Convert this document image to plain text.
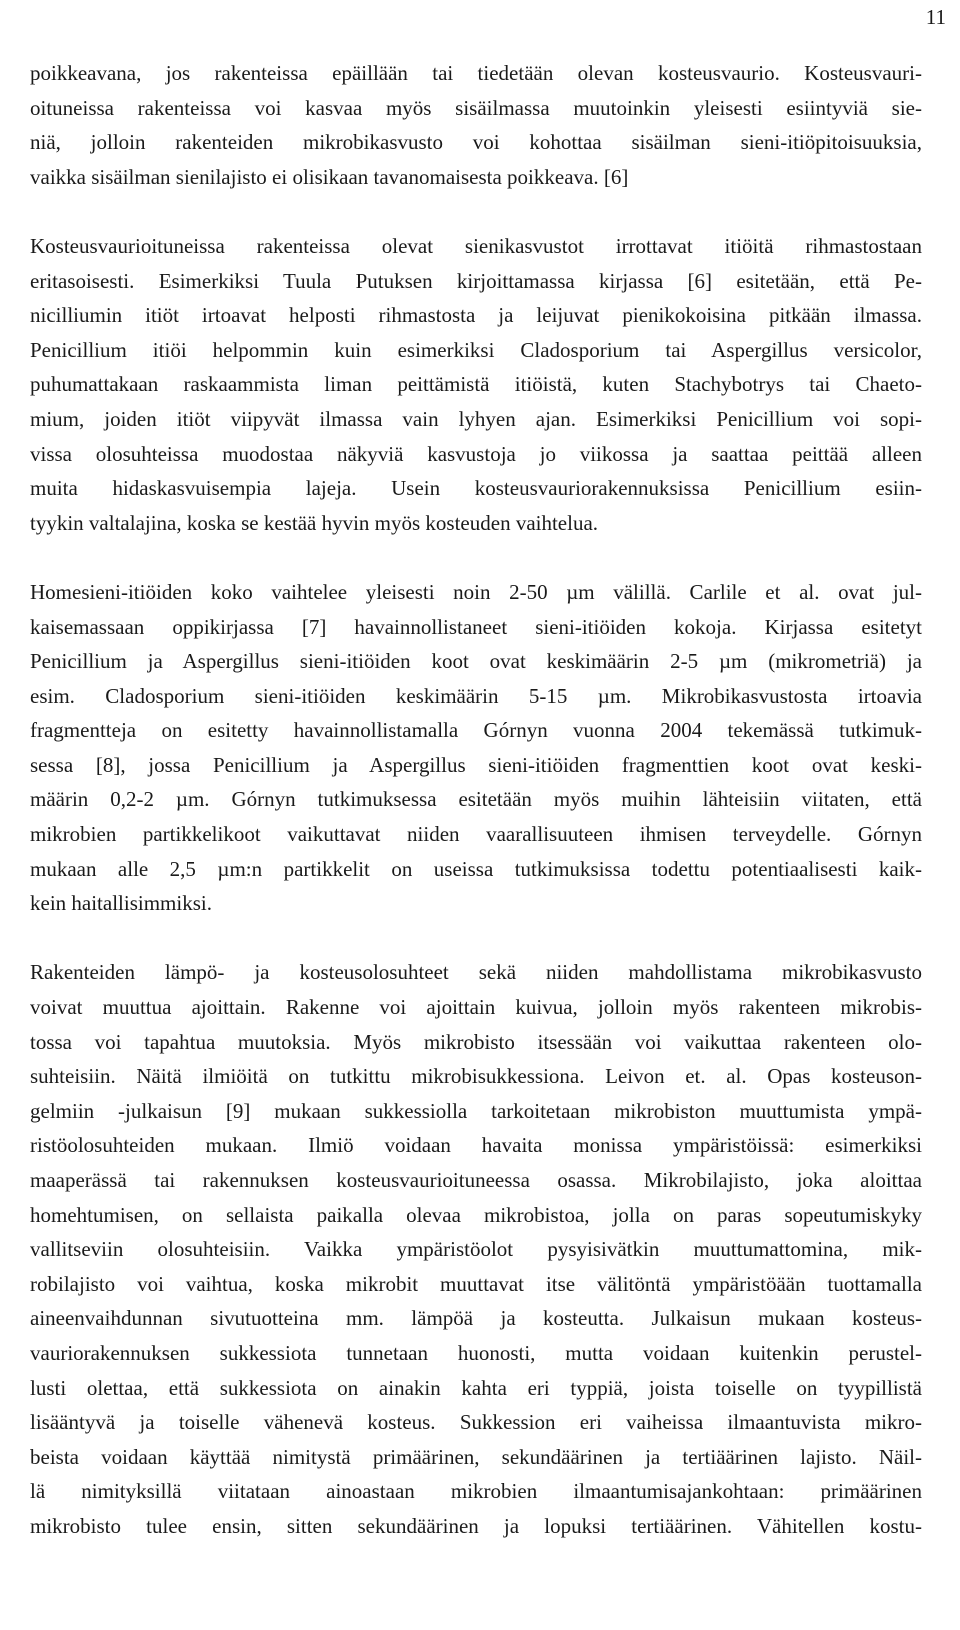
11
poikkeavana, jos rakenteissa epäillään tai tiedetään olevan kosteusvaurio. Kosteusvauri-
oituneissa rakenteissa voi kasvaa myös sisäilmassa muutoinkin yleisesti esiintyviä sie-
niä, jolloin rakenteiden mikrobikasvusto voi kohottaa sisäilman sieni-itiöpitoisuuksia,
vaikka sisäilman sienilajisto ei olisikaan tavanomaisesta poikkeava. [6]
Kosteusvaurioituneissa rakenteissa olevat sienikasvustot irrottavat itiöitä rihmastostaan
eritasoisesti. Esimerkiksi Tuula Putuksen kirjoittamassa kirjassa [6] esitetään, että Pe-
nicilliumin itiöt irtoavat helposti rihmastosta ja leijuvat pienikokoisina pitkään ilmassa.
Penicillium itiöi helpommin kuin esimerkiksi Cladosporium tai Aspergillus versicolor,
puhumattakaan raskaammista liman peittämistä itiöistä, kuten Stachybotrys tai Chaeto-
mium, joiden itiöt viipyvät ilmassa vain lyhyen ajan. Esimerkiksi Penicillium voi sopi-
vissa olosuhteissa muodostaa näkyviä kasvustoja jo viikossa ja saattaa peittää alleen
muita hidaskasvuisempia lajeja. Usein kosteusvauriorakennuksissa Penicillium esiin-
tyykin valtalajina, koska se kestää hyvin myös kosteuden vaihtelua.
Homesieni-itiöiden koko vaihtelee yleisesti noin 2-50 µm välillä. Carlile et al. ovat jul-
kaisemassaan oppikirjassa [7] havainnollistaneet sieni-itiöiden kokoja. Kirjassa esitetyt
Penicillium ja Aspergillus sieni-itiöiden koot ovat keskimäärin 2-5 µm (mikrometriä) ja
esim. Cladosporium sieni-itiöiden keskimäärin 5-15 µm. Mikrobikasvustosta irtoavia
fragmentteja on esitetty havainnollistamalla Górnyn vuonna 2004 tekemässä tutkimuk-
sessa [8], jossa Penicillium ja Aspergillus sieni-itiöiden fragmenttien koot ovat keski-
määrin 0,2-2 µm. Górnyn tutkimuksessa esitetään myös muihin lähteisiin viitaten, että
mikrobien partikkelikoot vaikuttavat niiden vaarallisuuteen ihmisen terveydelle. Górnyn
mukaan alle 2,5 µm:n partikkelit on useissa tutkimuksissa todettu potentiaalisesti kaik-
kein haitallisimmiksi.
Rakenteiden lämpö- ja kosteusolosuhteet sekä niiden mahdollistama mikrobikasvusto
voivat muuttua ajoittain. Rakenne voi ajoittain kuivua, jolloin myös rakenteen mikrobis-
tossa voi tapahtua muutoksia. Myös mikrobisto itsessään voi vaikuttaa rakenteen olo-
suhteisiin. Näitä ilmiöitä on tutkittu mikrobisukkessiona. Leivon et. al. Opas kosteuson-
gelmiin -julkaisun [9] mukaan sukkessiolla tarkoitetaan mikrobiston muuttumista ympä-
ristöolosuhteiden mukaan. Ilmiö voidaan havaita monissa ympäristöissä: esimerkiksi
maaperässä tai rakennuksen kosteusvaurioituneessa osassa. Mikrobilajisto, joka aloittaa
homehtumisen, on sellaista paikalla olevaa mikrobistoa, jolla on paras sopeutumiskyky
vallitseviin olosuhteisiin. Vaikka ympäristöolot pysyisivätkin muuttumattomina, mik-
robilajisto voi vaihtua, koska mikrobit muuttavat itse välitöntä ympäristöään tuottamalla
aineenvaihdunnan sivutuotteina mm. lämpöä ja kosteutta. Julkaisun mukaan kosteus-
vauriorakennuksen sukkessiota tunnetaan huonosti, mutta voidaan kuitenkin perustel-
lusti olettaa, että sukkessiota on ainakin kahta eri typpiä, joista toiselle on tyypillistä
lisääntyvä ja toiselle vähenevä kosteus. Sukkession eri vaiheissa ilmaantuvista mikro-
beista voidaan käyttää nimitystä primäärinen, sekundäärinen ja tertiäärinen lajisto. Näil-
lä nimityksillä viitataan ainoastaan mikrobien ilmaantumisajankohtaan: primäärinen
mikrobisto tulee ensin, sitten sekundäärinen ja lopuksi tertiäärinen. Vähitellen kostu-
